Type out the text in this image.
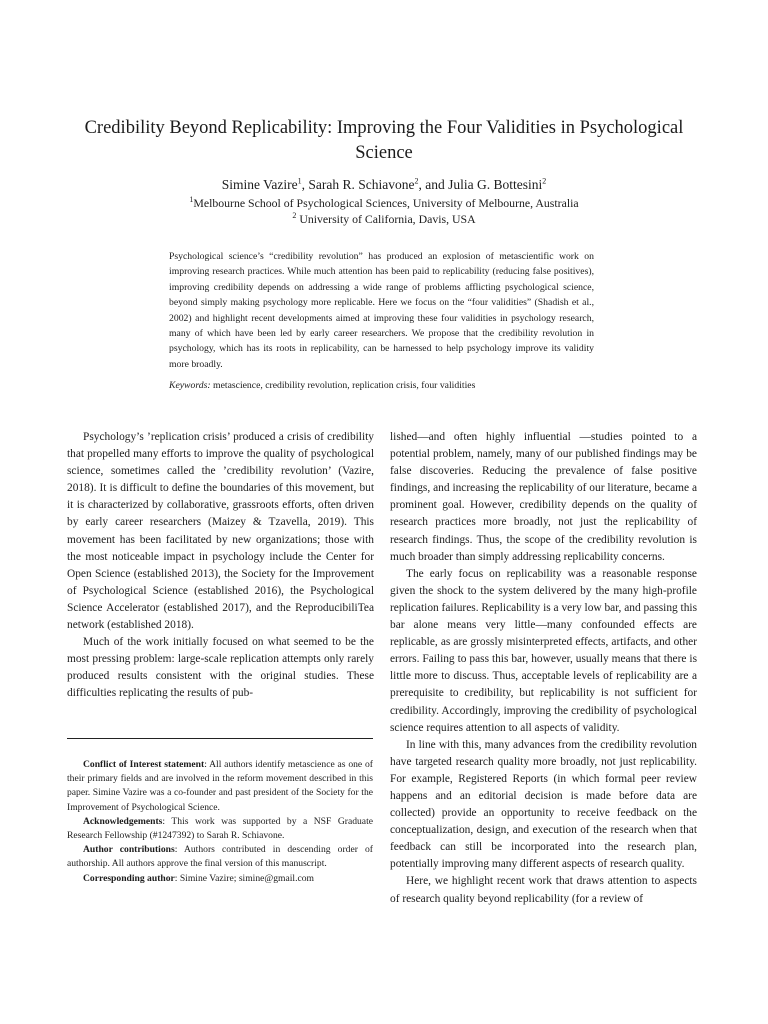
Credibility Beyond Replicability: Improving the Four Validities in Psychological Science
Simine Vazire$^1$, Sarah R. Schiavone$^2$, and Julia G. Bottesini$^2$
$^1$Melbourne School of Psychological Sciences, University of Melbourne, Australia
$^2$ University of California, Davis, USA

Psychological science’s “credibility revolution” has produced an explosion of metascientific work on improving research practices. While much attention has been paid to replicability (reducing false positives), improving credibility depends on addressing a wide range of problems afflicting psychological science, beyond simply making psychology more replicable. Here we focus on the “four validities” (Shadish et al., 2002) and highlight recent developments aimed at improving these four validities in psychology research, many of which have been led by early career researchers. We propose that the credibility revolution in psychology, which has its roots in replicability, can be harnessed to help psychology improve its validity more broadly.

Keywords: metascience, credibility revolution, replication crisis, four validities

Psychology’s ’replication crisis’ produced a crisis of credibility that propelled many efforts to improve the quality of psychological science, sometimes called the ’credibility revolution’ (Vazire, 2018). It is difficult to define the boundaries of this movement, but it is characterized by collaborative, grassroots efforts, often driven by early career researchers (Maizey & Tzavella, 2019). This movement has been facilitated by new organizations; those with the most noticeable impact in psychology include the Center for Open Science (established 2013), the Society for the Improvement of Psychological Science (established 2016), the Psychological Science Accelerator (established 2017), and the ReproducibiliTea network (established 2018).

Much of the work initially focused on what seemed to be the most pressing problem: large-scale replication attempts only rarely produced results consistent with the original studies. These difficulties replicating the results of pub-

lished—and often highly influential —studies pointed to a potential problem, namely, many of our published findings may be false discoveries. Reducing the prevalence of false positive findings, and increasing the replicability of our literature, became a prominent goal. However, credibility depends on the quality of research practices more broadly, not just the replicability of research findings. Thus, the scope of the credibility revolution is much broader than simply addressing replicability concerns.

The early focus on replicability was a reasonable response given the shock to the system delivered by the many high-profile replication failures. Replicability is a very low bar, and passing this bar alone means very little—many confounded effects are replicable, as are grossly misinterpreted effects, artifacts, and other errors. Failing to pass this bar, however, usually means that there is little more to discuss. Thus, acceptable levels of replicability are a prerequisite to credibility, but replicability is not sufficient for credibility. Accordingly, improving the credibility of psychological science requires attention to all aspects of validity.

In line with this, many advances from the credibility revolution have targeted research quality more broadly, not just replicability. For example, Registered Reports (in which formal peer review happens and an editorial decision is made before data are collected) provide an opportunity to receive feedback on the conceptualization, design, and execution of the research when that feedback can still be incorporated into the research plan, potentially improving many different aspects of research quality.

Here, we highlight recent work that draws attention to aspects of research quality beyond replicability (for a review of

Conflict of Interest statement: All authors identify metascience as one of their primary fields and are involved in the reform movement described in this paper. Simine Vazire was a co-founder and past president of the Society for the Improvement of Psychological Science.

Acknowledgements: This work was supported by a NSF Graduate Research Fellowship (#1247392) to Sarah R. Schiavone.

Author contributions: Authors contributed in descending order of authorship. All authors approve the final version of this manuscript.

Corresponding author: Simine Vazire; simine@gmail.com
